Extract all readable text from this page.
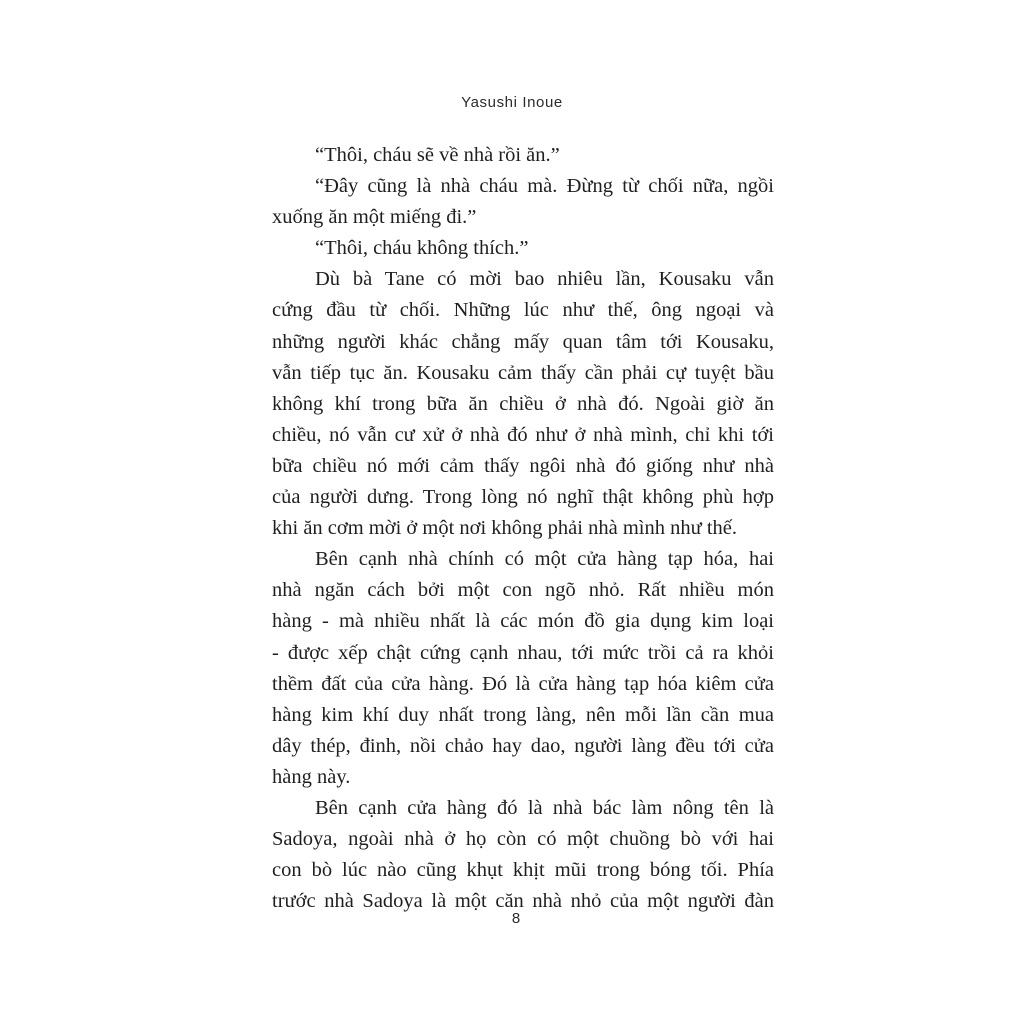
Yasushi Inoue
“Thôi, cháu sẽ về nhà rồi ăn.”
“Đây cũng là nhà cháu mà. Đừng từ chối nữa, ngồi
xuống ăn một miếng đi.”
“Thôi, cháu không thích.”
Dù bà Tane có mời bao nhiêu lần, Kousaku vẫn
cứng đầu từ chối. Những lúc như thế, ông ngoại và
những người khác chẳng mấy quan tâm tới Kousaku,
vẫn tiếp tục ăn. Kousaku cảm thấy cần phải cự tuyệt bầu
không khí trong bữa ăn chiều ở nhà đó. Ngoài giờ ăn
chiều, nó vẫn cư xử ở nhà đó như ở nhà mình, chỉ khi tới
bữa chiều nó mới cảm thấy ngôi nhà đó giống như nhà
của người dưng. Trong lòng nó nghĩ thật không phù hợp
khi ăn cơm mời ở một nơi không phải nhà mình như thế.
Bên cạnh nhà chính có một cửa hàng tạp hóa, hai
nhà ngăn cách bởi một con ngõ nhỏ. Rất nhiều món
hàng - mà nhiều nhất là các món đồ gia dụng kim loại
- được xếp chật cứng cạnh nhau, tới mức trồi cả ra khỏi
thềm đất của cửa hàng. Đó là cửa hàng tạp hóa kiêm cửa
hàng kim khí duy nhất trong làng, nên mỗi lần cần mua
dây thép, đinh, nồi chảo hay dao, người làng đều tới cửa
hàng này.
Bên cạnh cửa hàng đó là nhà bác làm nông tên là
Sadoya, ngoài nhà ở họ còn có một chuồng bò với hai
con bò lúc nào cũng khụt khịt mũi trong bóng tối. Phía
trước nhà Sadoya là một căn nhà nhỏ của một người đàn
8
